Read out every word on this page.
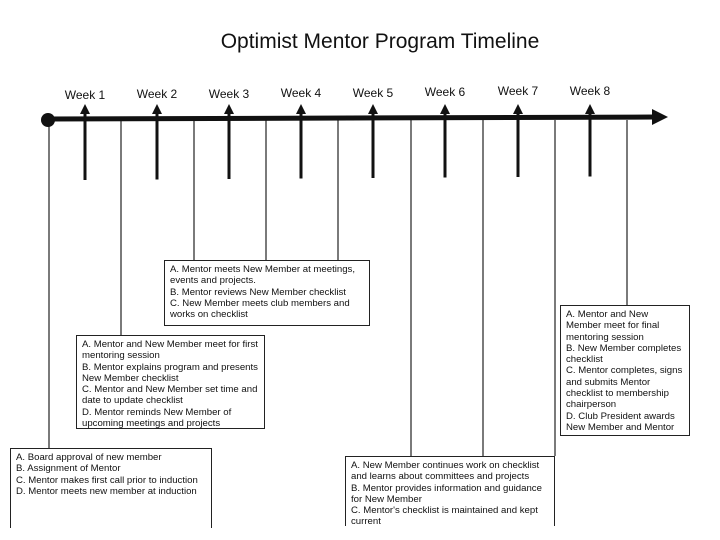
Optimist Mentor Program Timeline
Week 1	Week 2	Week 3	Week 4	Week 5	Week 6	Week 7	Week 8
A. Board approval of new member
B. Assignment of Mentor
C. Mentor makes first call prior to induction
D. Mentor meets new member at induction
A. Mentor and New Member meet for first mentoring session
B. Mentor explains program and presents New Member checklist
C. Mentor and New Member set time and date to update checklist
D. Mentor reminds New Member of upcoming meetings and projects
A. Mentor meets New Member at meetings, events and projects.
B. Mentor reviews New Member checklist
C. New Member meets club members and works on checklist
A. New Member continues work on checklist and learns about committees and projects
B. Mentor provides information and guidance for New Member
C. Mentor's checklist is maintained and kept current
A. Mentor and New Member meet for final mentoring session
B. New Member completes checklist
C. Mentor completes, signs and submits Mentor checklist to membership chairperson
D. Club President awards New Member and Mentor
